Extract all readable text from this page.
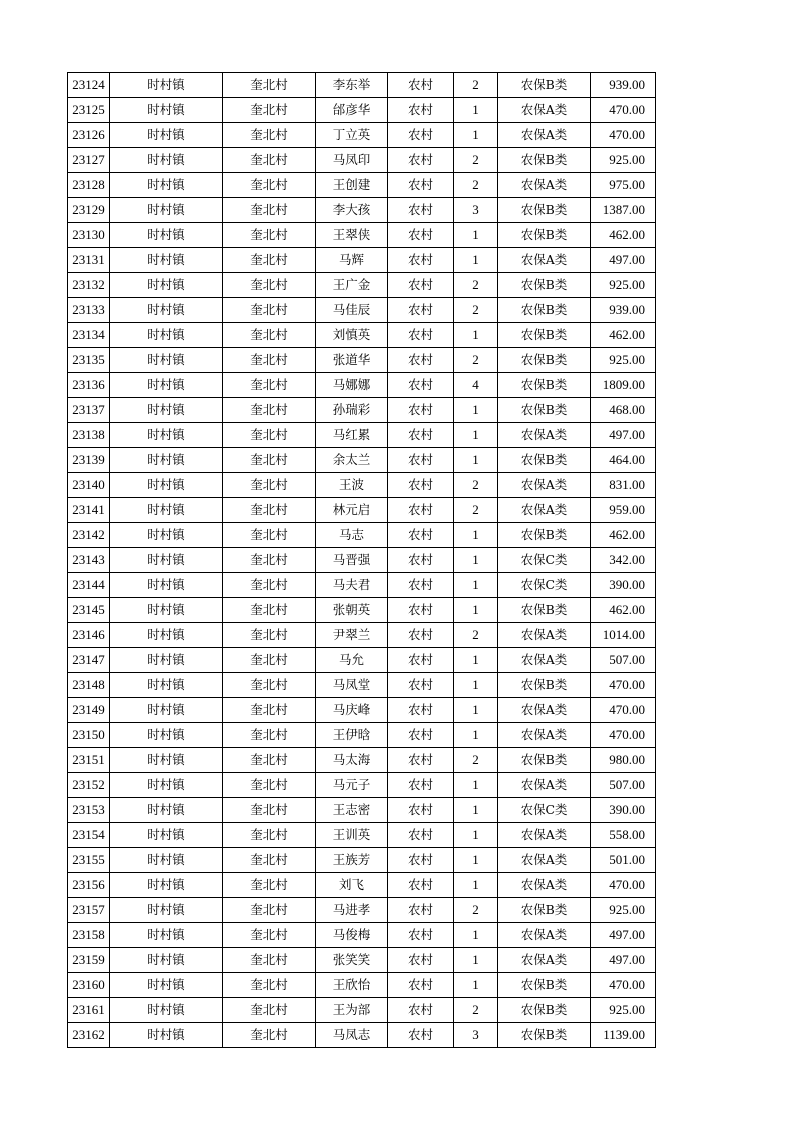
23124	时村镇	奎北村	李东举	农村	2	农保B类	939.00
23125	时村镇	奎北村	邰彦华	农村	1	农保A类	470.00
23126	时村镇	奎北村	丁立英	农村	1	农保A类	470.00
23127	时村镇	奎北村	马凤印	农村	2	农保B类	925.00
23128	时村镇	奎北村	王创建	农村	2	农保A类	975.00
23129	时村镇	奎北村	李大孩	农村	3	农保B类	1387.00
23130	时村镇	奎北村	王翠侠	农村	1	农保B类	462.00
23131	时村镇	奎北村	马辉	农村	1	农保A类	497.00
23132	时村镇	奎北村	王广金	农村	2	农保B类	925.00
23133	时村镇	奎北村	马佳辰	农村	2	农保B类	939.00
23134	时村镇	奎北村	刘慎英	农村	1	农保B类	462.00
23135	时村镇	奎北村	张道华	农村	2	农保B类	925.00
23136	时村镇	奎北村	马娜娜	农村	4	农保B类	1809.00
23137	时村镇	奎北村	孙瑞彩	农村	1	农保B类	468.00
23138	时村镇	奎北村	马红累	农村	1	农保A类	497.00
23139	时村镇	奎北村	余太兰	农村	1	农保B类	464.00
23140	时村镇	奎北村	王波	农村	2	农保A类	831.00
23141	时村镇	奎北村	林元启	农村	2	农保A类	959.00
23142	时村镇	奎北村	马志	农村	1	农保B类	462.00
23143	时村镇	奎北村	马晋强	农村	1	农保C类	342.00
23144	时村镇	奎北村	马夫君	农村	1	农保C类	390.00
23145	时村镇	奎北村	张朝英	农村	1	农保B类	462.00
23146	时村镇	奎北村	尹翠兰	农村	2	农保A类	1014.00
23147	时村镇	奎北村	马允	农村	1	农保A类	507.00
23148	时村镇	奎北村	马凤堂	农村	1	农保B类	470.00
23149	时村镇	奎北村	马庆峰	农村	1	农保A类	470.00
23150	时村镇	奎北村	王伊晗	农村	1	农保A类	470.00
23151	时村镇	奎北村	马太海	农村	2	农保B类	980.00
23152	时村镇	奎北村	马元子	农村	1	农保A类	507.00
23153	时村镇	奎北村	王志密	农村	1	农保C类	390.00
23154	时村镇	奎北村	王训英	农村	1	农保A类	558.00
23155	时村镇	奎北村	王族芳	农村	1	农保A类	501.00
23156	时村镇	奎北村	刘飞	农村	1	农保A类	470.00
23157	时村镇	奎北村	马进孝	农村	2	农保B类	925.00
23158	时村镇	奎北村	马俊梅	农村	1	农保A类	497.00
23159	时村镇	奎北村	张笑笑	农村	1	农保A类	497.00
23160	时村镇	奎北村	王欣怡	农村	1	农保B类	470.00
23161	时村镇	奎北村	王为部	农村	2	农保B类	925.00
23162	时村镇	奎北村	马凤志	农村	3	农保B类	1139.00
